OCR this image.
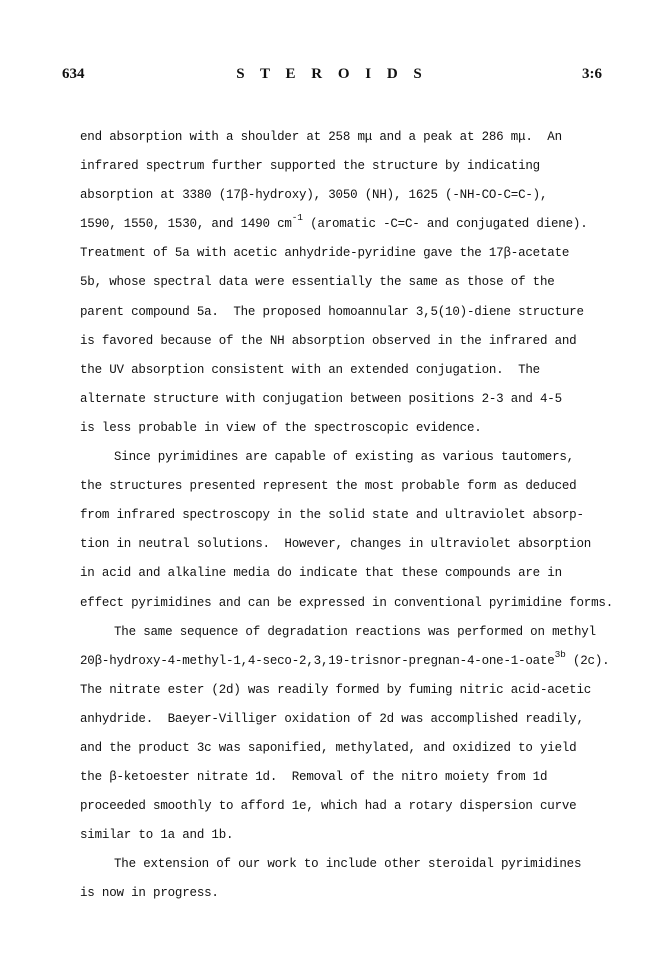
634	S T E R O I D S	3:6
end absorption with a shoulder at 258 mμ and a peak at 286 mμ.  An
infrared spectrum further supported the structure by indicating
absorption at 3380 (17β-hydroxy), 3050 (NH), 1625 (-NH-CO-C=C-),
1590, 1550, 1530, and 1490 $cm^{-1}$ (aromatic -C=C- and conjugated diene).
Treatment of 5a with acetic anhydride-pyridine gave the 17β-acetate
5b, whose spectral data were essentially the same as those of the
parent compound 5a.  The proposed homoannular 3,5(10)-diene structure
is favored because of the NH absorption observed in the infrared and
the UV absorption consistent with an extended conjugation.  The
alternate structure with conjugation between positions 2-3 and 4-5
is less probable in view of the spectroscopic evidence.
Since pyrimidines are capable of existing as various tautomers,
the structures presented represent the most probable form as deduced
from infrared spectroscopy in the solid state and ultraviolet absorp-
tion in neutral solutions.  However, changes in ultraviolet absorption
in acid and alkaline media do indicate that these compounds are in
effect pyrimidines and can be expressed in conventional pyrimidine forms.
The same sequence of degradation reactions was performed on methyl
20β-hydroxy-4-methyl-1,4-seco-2,3,19-trisnor-pregnan-4-one-1-oate$^{3b}$ (2c).
The nitrate ester (2d) was readily formed by fuming nitric acid-acetic
anhydride.  Baeyer-Villiger oxidation of 2d was accomplished readily,
and the product 3c was saponified, methylated, and oxidized to yield
the β-ketoester nitrate 1d.  Removal of the nitro moiety from 1d
proceeded smoothly to afford 1e, which had a rotary dispersion curve
similar to 1a and 1b.
The extension of our work to include other steroidal pyrimidines
is now in progress.
